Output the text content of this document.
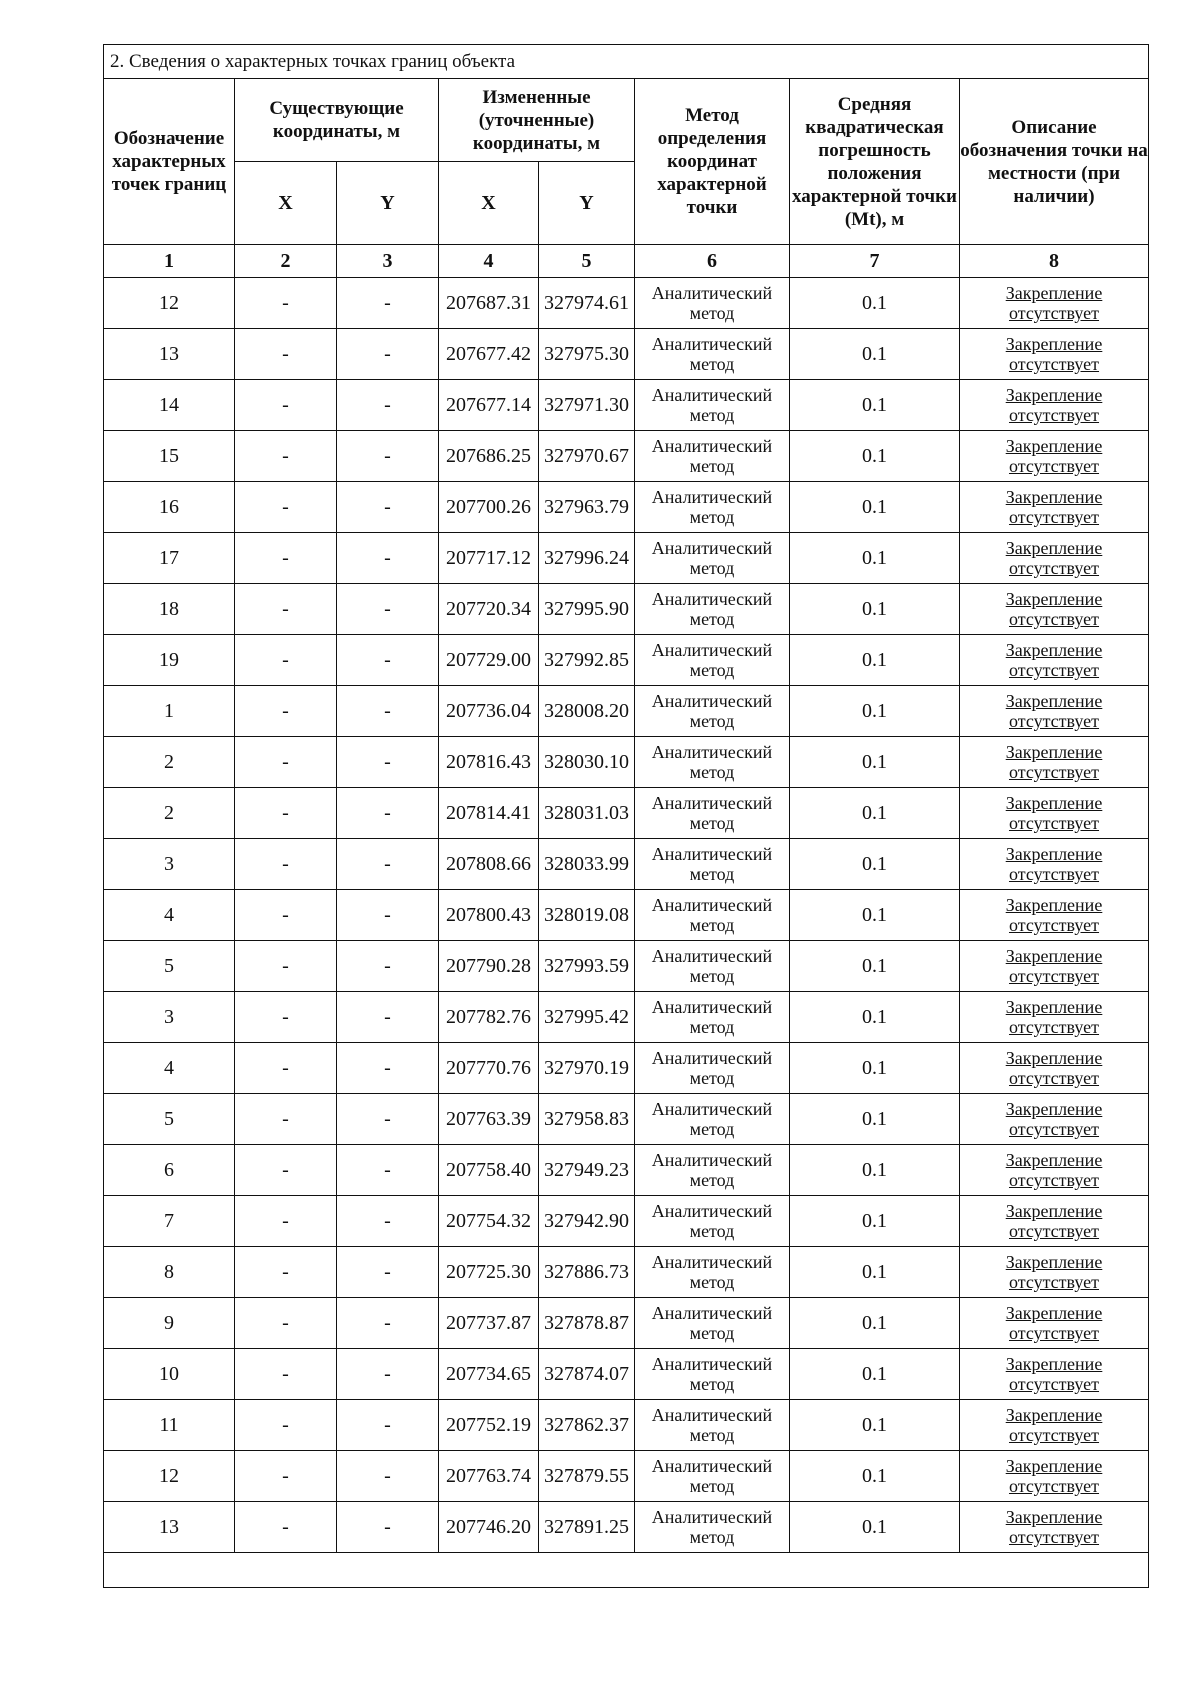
2. Сведения о характерных точках границ объекта							
Обозначение характерных точек границ	Существующие координаты, м		Измененные (уточненные) координаты, м		Метод определения координат характерной точки	Средняя квадратическая погрешность положения характерной точки (Mt), м	Описание обозначения точки на местности (при наличии)
	X	Y	X	Y			
1	2	3	4	5	6	7	8
12	-	-	207687.31	327974.61	Аналитический метод	0.1	Закрепление отсутствует
13	-	-	207677.42	327975.30	Аналитический метод	0.1	Закрепление отсутствует
14	-	-	207677.14	327971.30	Аналитический метод	0.1	Закрепление отсутствует
15	-	-	207686.25	327970.67	Аналитический метод	0.1	Закрепление отсутствует
16	-	-	207700.26	327963.79	Аналитический метод	0.1	Закрепление отсутствует
17	-	-	207717.12	327996.24	Аналитический метод	0.1	Закрепление отсутствует
18	-	-	207720.34	327995.90	Аналитический метод	0.1	Закрепление отсутствует
19	-	-	207729.00	327992.85	Аналитический метод	0.1	Закрепление отсутствует
1	-	-	207736.04	328008.20	Аналитический метод	0.1	Закрепление отсутствует
2	-	-	207816.43	328030.10	Аналитический метод	0.1	Закрепление отсутствует
2	-	-	207814.41	328031.03	Аналитический метод	0.1	Закрепление отсутствует
3	-	-	207808.66	328033.99	Аналитический метод	0.1	Закрепление отсутствует
4	-	-	207800.43	328019.08	Аналитический метод	0.1	Закрепление отсутствует
5	-	-	207790.28	327993.59	Аналитический метод	0.1	Закрепление отсутствует
3	-	-	207782.76	327995.42	Аналитический метод	0.1	Закрепление отсутствует
4	-	-	207770.76	327970.19	Аналитический метод	0.1	Закрепление отсутствует
5	-	-	207763.39	327958.83	Аналитический метод	0.1	Закрепление отсутствует
6	-	-	207758.40	327949.23	Аналитический метод	0.1	Закрепление отсутствует
7	-	-	207754.32	327942.90	Аналитический метод	0.1	Закрепление отсутствует
8	-	-	207725.30	327886.73	Аналитический метод	0.1	Закрепление отсутствует
9	-	-	207737.87	327878.87	Аналитический метод	0.1	Закрепление отсутствует
10	-	-	207734.65	327874.07	Аналитический метод	0.1	Закрепление отсутствует
11	-	-	207752.19	327862.37	Аналитический метод	0.1	Закрепление отсутствует
12	-	-	207763.74	327879.55	Аналитический метод	0.1	Закрепление отсутствует
13	-	-	207746.20	327891.25	Аналитический метод	0.1	Закрепление отсутствует
